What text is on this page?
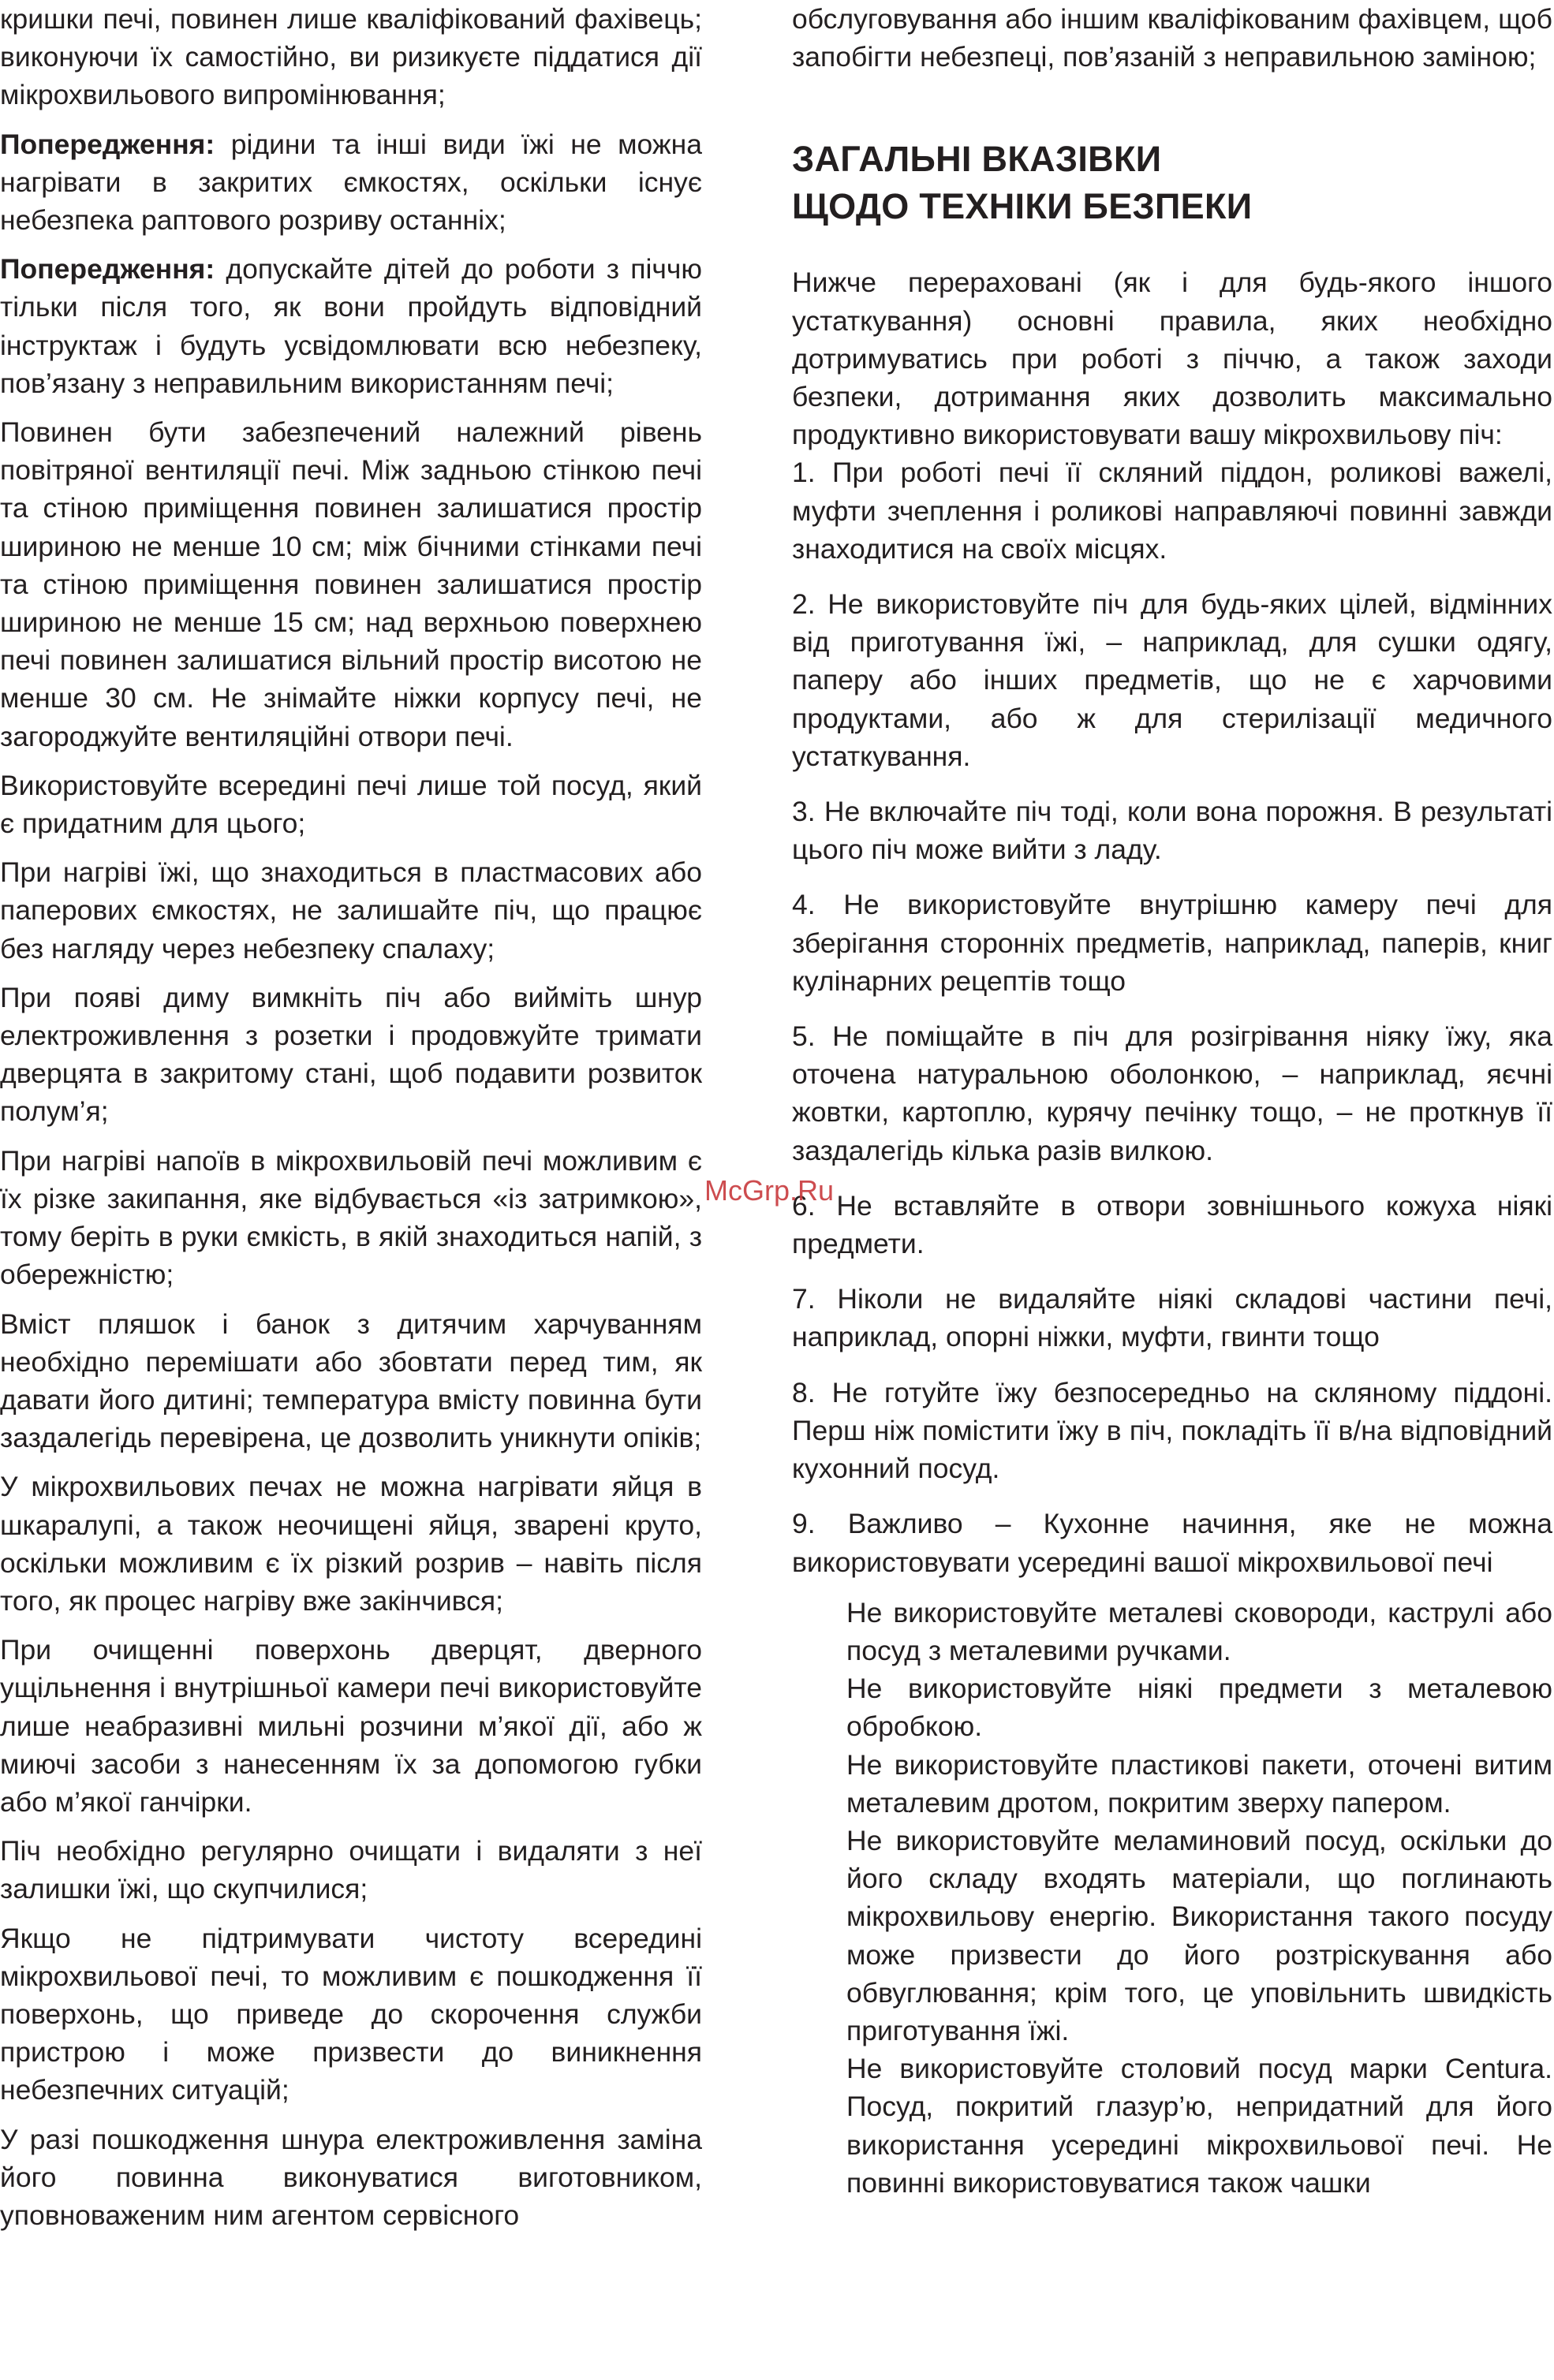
кришки печі, повинен лише кваліфікований фахівець; виконуючи їх самостійно, ви ризикуєте піддатися дії мікрохвильового випромінювання;

Попередження: рідини та інші види їжі не можна нагрівати в закритих ємкостях, оскільки існує небезпека раптового розриву останніх;

Попередження: допускайте дітей до роботи з піччю тільки після того, як вони пройдуть відповідний інструктаж і будуть усвідомлювати всю небезпеку, пов’язану з неправильним використанням печі;

Повинен бути забезпечений належний рівень повітряної вентиляції печі. Між задньою стінкою печі та стіною приміщення повинен залишатися простір шириною не менше 10 см; між бічними стінками печі та стіною приміщення повинен залишатися простір шириною не менше 15 см; над верхньою поверхнею печі повинен залишатися вільний простір висотою не менше 30 см. Не знімайте ніжки корпусу печі, не загороджуйте вентиляційні отвори печі.

Використовуйте всередині печі лише той посуд, який є придатним для цього;

При нагріві їжі, що знаходиться в пластмасових або паперових ємкостях, не залишайте піч, що працює без нагляду через небезпеку спалаху;

При появі диму вимкніть піч або вийміть шнур електроживлення з розетки і продовжуйте тримати дверцята в закритому стані, щоб подавити розвиток полум’я;

При нагріві напоїв в мікрохвильовій печі можливим є їх різке закипання, яке відбувається «із затримкою», тому беріть в руки ємкість, в якій знаходиться напій, з обережністю;

Вміст пляшок і банок з дитячим харчуванням необхідно перемішати або збовтати перед тим, як давати його дитині; температура вмісту повинна бути заздалегідь перевірена, це дозволить уникнути опіків;

У мікрохвильових печах не можна нагрівати яйця в шкаралупі, а також неочищені яйця, зварені круто, оскільки можливим є їх різкий розрив – навіть після того, як процес нагріву вже закінчився;

При очищенні поверхонь дверцят, дверного ущільнення і внутрішньої камери печі використовуйте лише неабразивні мильні розчини м’якої дії, або ж миючі засоби з нанесенням їх за допомогою губки або м’якої ганчірки.

Піч необхідно регулярно очищати і видаляти з неї залишки їжі, що скупчилися;

Якщо не підтримувати чистоту всередині мікрохвильової печі, то можливим є пошкодження її поверхонь, що приведе до скорочення служби пристрою і може призвести до виникнення небезпечних ситуацій;

У разі пошкодження шнура електроживлення заміна його повинна виконуватися виготовником, уповноваженим ним агентом сервісного

обслуговування або іншим кваліфікованим фахівцем, щоб запобігти небезпеці, пов’язаній з неправильною заміною;

ЗАГАЛЬНІ ВКАЗІВКИ
ЩОДО ТЕХНІКИ БЕЗПЕКИ

Нижче перераховані (як і для будь-якого іншого устаткування) основні правила, яких необхідно дотримуватись при роботі з піччю, а також заходи безпеки, дотримання яких дозволить максимально продуктивно використовувати вашу мікрохвильову піч:

1. При роботі печі її скляний піддон, роликові важелі, муфти зчеплення і роликові направляючі повинні завжди знаходитися на своїх місцях.

2. Не використовуйте піч для будь-яких цілей, відмінних від приготування їжі, – наприклад, для сушки одягу, паперу або інших предметів, що не є харчовими продуктами, або ж для стерилізації медичного устаткування.

3. Не включайте піч тоді, коли вона порожня. В результаті цього піч може вийти з ладу.

4. Не використовуйте внутрішню камеру печі для зберігання сторонніх предметів, наприклад, паперів, книг кулінарних рецептів тощо

5. Не поміщайте в піч для розігрівання ніяку їжу, яка оточена натуральною оболонкою, – наприклад, яєчні жовтки, картоплю, курячу печінку тощо, – не проткнув її заздалегідь кілька разів вилкою.

6. Не вставляйте в отвори зовнішнього кожуха ніякі предмети.

7. Ніколи не видаляйте ніякі складові частини печі, наприклад, опорні ніжки, муфти, гвинти тощо

8. Не готуйте їжу безпосередньо на скляному піддоні. Перш ніж помістити їжу в піч, покладіть її в/на відповідний кухонний посуд.

9. Важливо – Кухонне начиння, яке не можна використовувати усередині вашої мікрохвильової печі

Не використовуйте металеві сковороди, каструлі або посуд з металевими ручками.

Не використовуйте ніякі предмети з металевою обробкою.

Не використовуйте пластикові пакети, оточені витим металевим дротом, покритим зверху папером.

Не використовуйте меламиновий посуд, оскільки до його складу входять матеріали, що поглинають мікрохвильову енергію. Використання такого посуду може призвести до його розтріскування або обвуглювання; крім того, це уповільнить швидкість приготування їжі.

Не використовуйте столовий посуд марки Centura. Посуд, покритий глазур’ю, непридатний для його використання усередині мікрохвильової печі. Не повинні використовуватися також чашки

McGrp.Ru
